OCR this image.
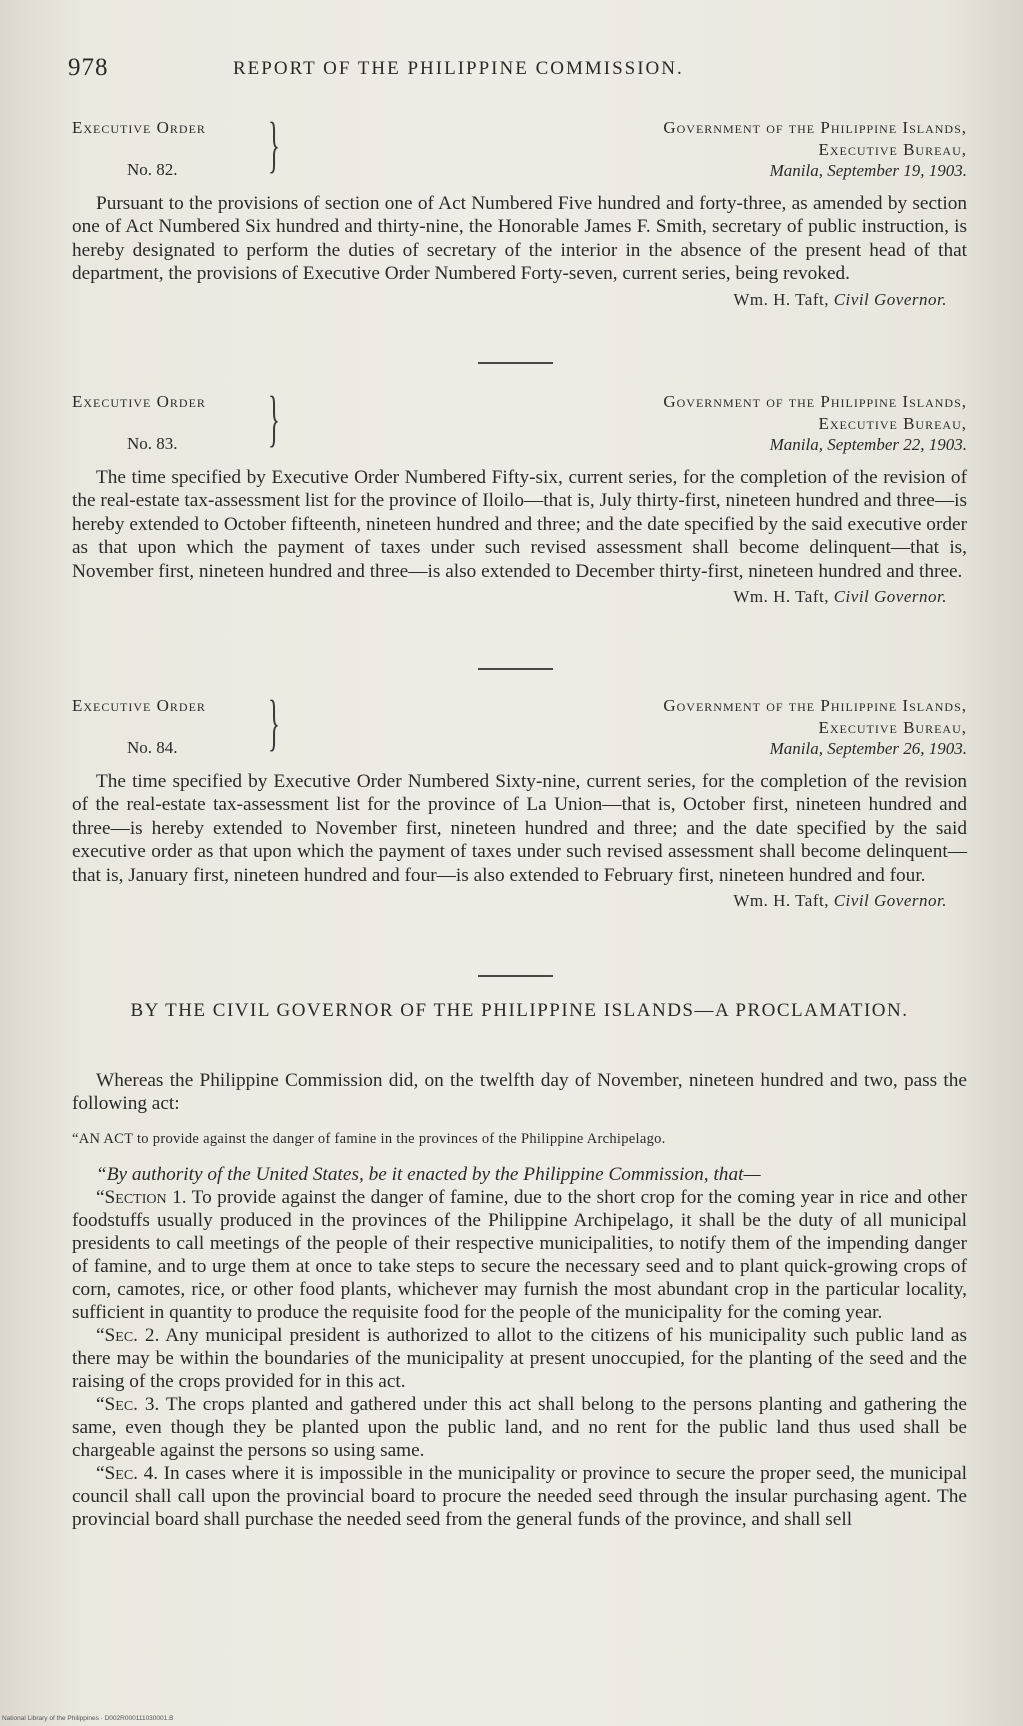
978	REPORT OF THE PHILIPPINE COMMISSION.
Executive Order
No. 82. }	Government of the Philippine Islands,
Executive Bureau,
Manila, September 19, 1903.
Pursuant to the provisions of section one of Act Numbered Five hundred and forty-three, as amended by section one of Act Numbered Six hundred and thirty-nine, the Honorable James F. Smith, secretary of public instruction, is hereby designated to perform the duties of secretary of the interior in the absence of the present head of that department, the provisions of Executive Order Numbered Forty-seven, current series, being revoked.
Wm. H. Taft, Civil Governor.
Executive Order
No. 83. }	Government of the Philippine Islands,
Executive Bureau,
Manila, September 22, 1903.
The time specified by Executive Order Numbered Fifty-six, current series, for the completion of the revision of the real-estate tax-assessment list for the province of Iloilo—that is, July thirty-first, nineteen hundred and three—is hereby extended to October fifteenth, nineteen hundred and three; and the date specified by the said executive order as that upon which the payment of taxes under such revised assessment shall become delinquent—that is, November first, nineteen hundred and three—is also extended to December thirty-first, nineteen hundred and three.
Wm. H. Taft, Civil Governor.
Executive Order
No. 84. }	Government of the Philippine Islands,
Executive Bureau,
Manila, September 26, 1903.
The time specified by Executive Order Numbered Sixty-nine, current series, for the completion of the revision of the real-estate tax-assessment list for the province of La Union—that is, October first, nineteen hundred and three—is hereby extended to November first, nineteen hundred and three; and the date specified by the said executive order as that upon which the payment of taxes under such revised assessment shall become delinquent—that is, January first, nineteen hundred and four—is also extended to February first, nineteen hundred and four.
Wm. H. Taft, Civil Governor.
BY THE CIVIL GOVERNOR OF THE PHILIPPINE ISLANDS—A PROCLAMATION.

Whereas the Philippine Commission did, on the twelfth day of November, nineteen hundred and two, pass the following act:

“AN ACT to provide against the danger of famine in the provinces of the Philippine Archipelago.

“By authority of the United States, be it enacted by the Philippine Commission, that—

“Section 1. To provide against the danger of famine, due to the short crop for the coming year in rice and other foodstuffs usually produced in the provinces of the Philippine Archipelago, it shall be the duty of all municipal presidents to call meetings of the people of their respective municipalities, to notify them of the impending danger of famine, and to urge them at once to take steps to secure the necessary seed and to plant quick-growing crops of corn, camotes, rice, or other food plants, whichever may furnish the most abundant crop in the particular locality, sufficient in quantity to produce the requisite food for the people of the municipality for the coming year.

“Sec. 2. Any municipal president is authorized to allot to the citizens of his municipality such public land as there may be within the boundaries of the municipality at present unoccupied, for the planting of the seed and the raising of the crops provided for in this act.

“Sec. 3. The crops planted and gathered under this act shall belong to the persons planting and gathering the same, even though they be planted upon the public land, and no rent for the public land thus used shall be chargeable against the persons so using same.

“Sec. 4. In cases where it is impossible in the municipality or province to secure the proper seed, the municipal council shall call upon the provincial board to procure the needed seed through the insular purchasing agent. The provincial board shall purchase the needed seed from the general funds of the province, and shall sell

National Library of the Philippines · D002R000111030001.B
